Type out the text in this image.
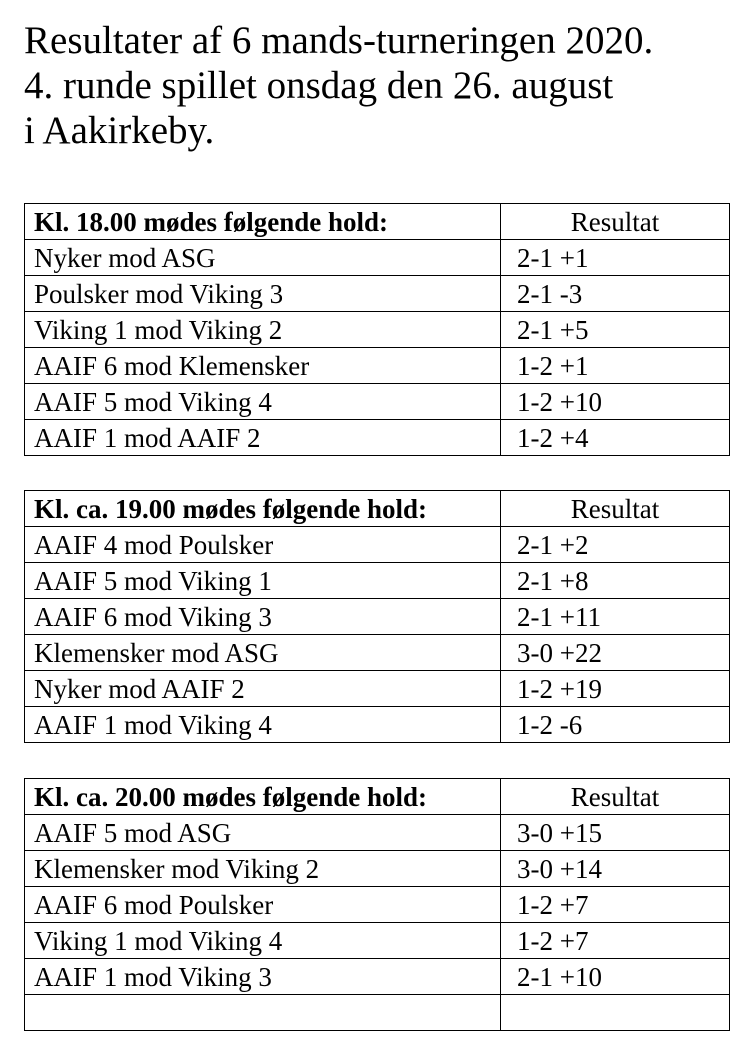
Resultater af 6 mands-turneringen 2020.
4. runde spillet onsdag den 26. august
i Aakirkeby.
Kl. 18.00 mødes følgende hold:	Resultat
Nyker mod ASG	2-1 +1
Poulsker mod Viking 3	2-1 -3
Viking 1 mod Viking 2	2-1 +5
AAIF 6 mod Klemensker	1-2 +1
AAIF 5 mod Viking 4	1-2 +10
AAIF 1 mod AAIF 2	1-2 +4
Kl. ca. 19.00 mødes følgende hold:	Resultat
AAIF 4 mod Poulsker	2-1 +2
AAIF 5 mod Viking 1	2-1 +8
AAIF 6 mod Viking 3	2-1 +11
Klemensker mod ASG	3-0 +22
Nyker mod AAIF 2	1-2 +19
AAIF 1 mod Viking 4	1-2 -6
Kl. ca. 20.00 mødes følgende hold:	Resultat
AAIF 5 mod ASG	3-0 +15
Klemensker mod Viking 2	3-0 +14
AAIF 6 mod Poulsker	1-2 +7
Viking 1 mod Viking 4	1-2 +7
AAIF 1 mod Viking 3	2-1 +10
